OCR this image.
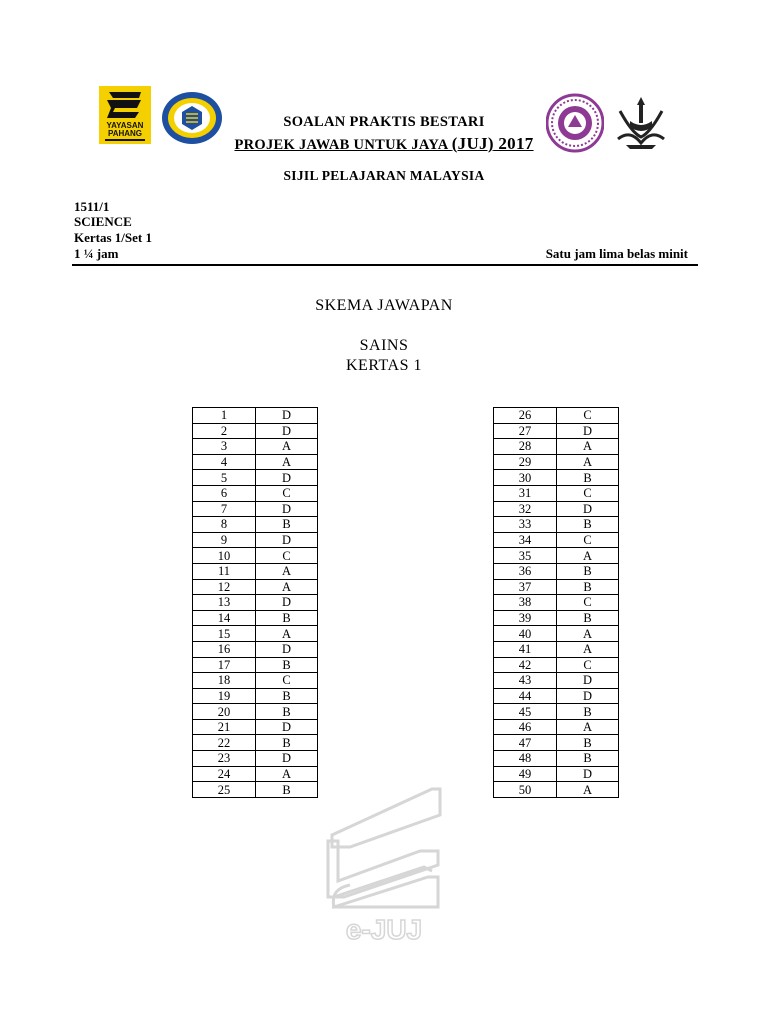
YAYASAN
PAHANG
SOALAN PRAKTIS BESTARI
PROJEK JAWAB UNTUK JAYA (JUJ) 2017
SIJIL PELAJARAN MALAYSIA
1511/1
SCIENCE
Kertas 1/Set 1
1 ¼ jam	Satu jam lima belas minit
SKEMA JAWAPAN
SAINS
KERTAS 1
1	D
2	D
3	A
4	A
5	D
6	C
7	D
8	B
9	D
10	C
11	A
12	A
13	D
14	B
15	A
16	D
17	B
18	C
19	B
20	B
21	D
22	B
23	D
24	A
25	B
26	C
27	D
28	A
29	A
30	B
31	C
32	D
33	B
34	C
35	A
36	B
37	B
38	C
39	B
40	A
41	A
42	C
43	D
44	D
45	B
46	A
47	B
48	B
49	D
50	A
e-JUJ
